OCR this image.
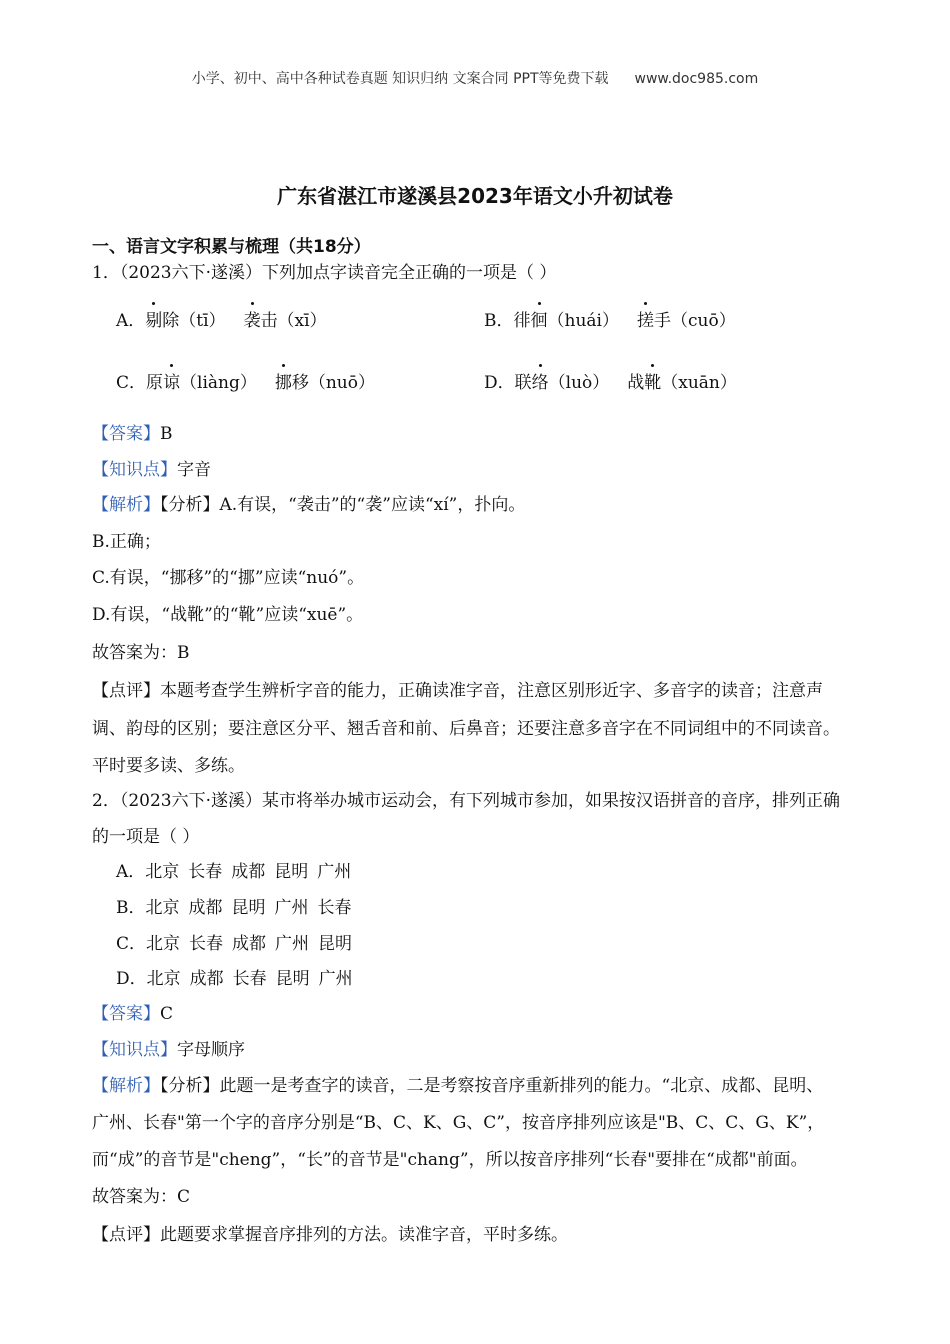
小学、初中、高中各种试卷真题 知识归纳 文案合同 PPT等免费下载 www.doc985.com
广东省湛江市遂溪县2023年语文小升初试卷
一、语言文字积累与梳理（共18分）
1．（2023六下·遂溪）下列加点字读音完全正确的一项是（ ）
A．剔除（tī） 袭击（xī）	B．徘徊（huái） 搓手（cuō）
C．原谅（liàng） 挪移（nuō）	D．联络（luò） 战靴（xuān）
【答案】B
【知识点】字音
【解析】【分析】A.有误，“袭击”的“袭”应读“xí”，扑向。
B.正确；
C.有误，“挪移”的“挪”应读“nuó”。
D.有误，“战靴”的“靴”应读“xuē”。
故答案为：B
【点评】本题考查学生辨析字音的能力，正确读准字音，注意区别形近字、多音字的读音；注意声
调、韵母的区别；要注意区分平、翘舌音和前、后鼻音；还要注意多音字在不同词组中的不同读音。
平时要多读、多练。
2．（2023六下·遂溪）某市将举办城市运动会，有下列城市参加，如果按汉语拼音的音序，排列正确
的一项是（ ）
A．北京 长春 成都 昆明 广州
B．北京 成都 昆明 广州 长春
C．北京 长春 成都 广州 昆明
D．北京 成都 长春 昆明 广州
【答案】C
【知识点】字母顺序
【解析】【分析】此题一是考查字的读音，二是考察按音序重新排列的能力。“北京、成都、昆明、
广州、长春"第一个字的音序分别是“B、C、K、G、C”，按音序排列应该是"B、C、C、G、K”，
而“成”的音节是"cheng”，“长”的音节是"chang”，所以按音序排列“长春"要排在“成都"前面。
故答案为：C
【点评】此题要求掌握音序排列的方法。读准字音，平时多练。
